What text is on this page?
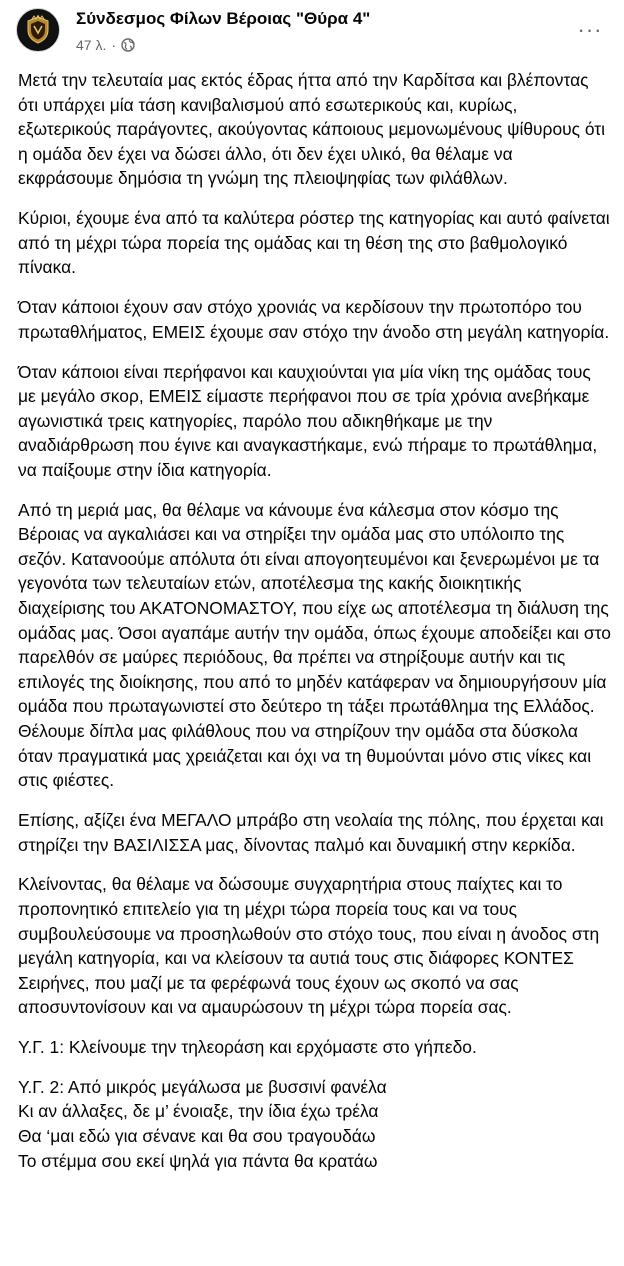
Σύνδεσμος Φίλων Βέροιας "Θύρα 4"
47 λ. ·
···

Μετά την τελευταία μας εκτός έδρας ήττα από την Καρδίτσα και βλέποντας ότι υπάρχει μία τάση κανιβαλισμού από εσωτερικούς και, κυρίως, εξωτερικούς παράγοντες, ακούγοντας κάποιους μεμονωμένους ψίθυρους ότι η ομάδα δεν έχει να δώσει άλλο, ότι δεν έχει υλικό, θα θέλαμε να εκφράσουμε δημόσια τη γνώμη της πλειοψηφίας των φιλάθλων.

Κύριοι, έχουμε ένα από τα καλύτερα ρόστερ της κατηγορίας και αυτό φαίνεται από τη μέχρι τώρα πορεία της ομάδας και τη θέση της στο βαθμολογικό πίνακα.

Όταν κάποιοι έχουν σαν στόχο χρονιάς να κερδίσουν την πρωτοπόρο του πρωταθλήματος, ΕΜΕΙΣ έχουμε σαν στόχο την άνοδο στη μεγάλη κατηγορία.

Όταν κάποιοι είναι περήφανοι και καυχιούνται για μία νίκη της ομάδας τους με μεγάλο σκορ, ΕΜΕΙΣ είμαστε περήφανοι που σε τρία χρόνια ανεβήκαμε αγωνιστικά τρεις κατηγορίες, παρόλο που αδικηθήκαμε με την αναδιάρθρωση που έγινε και αναγκαστήκαμε, ενώ πήραμε το πρωτάθλημα, να παίξουμε στην ίδια κατηγορία.

Από τη μεριά μας, θα θέλαμε να κάνουμε ένα κάλεσμα στον κόσμο της Βέροιας να αγκαλιάσει και να στηρίξει την ομάδα μας στο υπόλοιπο της σεζόν. Κατανοούμε απόλυτα ότι είναι απογοητευμένοι και ξενερωμένοι με τα γεγονότα των τελευταίων ετών, αποτέλεσμα της κακής διοικητικής διαχείρισης του ΑΚΑΤΟΝΟΜΑΣΤΟΥ, που είχε ως αποτέλεσμα τη διάλυση της ομάδας μας. Όσοι αγαπάμε αυτήν την ομάδα, όπως έχουμε αποδείξει και στο παρελθόν σε μαύρες περιόδους, θα πρέπει να στηρίξουμε αυτήν και τις επιλογές της διοίκησης, που από το μηδέν κατάφεραν να δημιουργήσουν μία ομάδα που πρωταγωνιστεί στο δεύτερο τη τάξει πρωτάθλημα της Ελλάδος. Θέλουμε δίπλα μας φιλάθλους που να στηρίζουν την ομάδα στα δύσκολα όταν πραγματικά μας χρειάζεται και όχι να τη θυμούνται μόνο στις νίκες και στις φιέστες.

Επίσης, αξίζει ένα ΜΕΓΑΛΟ μπράβο στη νεολαία της πόλης, που έρχεται και στηρίζει την ΒΑΣΙΛΙΣΣΑ μας, δίνοντας παλμό και δυναμική στην κερκίδα.

Κλείνοντας, θα θέλαμε να δώσουμε συγχαρητήρια στους παίχτες και το προπονητικό επιτελείο για τη μέχρι τώρα πορεία τους και να τους συμβουλεύσουμε να προσηλωθούν στο στόχο τους, που είναι η άνοδος στη μεγάλη κατηγορία, και να κλείσουν τα αυτιά τους στις διάφορες ΚΟΝΤΕΣ Σειρήνες, που μαζί με τα φερέφωνά τους έχουν ως σκοπό να σας αποσυντονίσουν και να αμαυρώσουν τη μέχρι τώρα πορεία σας.

Υ.Γ. 1: Κλείνουμε την τηλεοράση και ερχόμαστε στο γήπεδο.

Υ.Γ. 2: Από μικρός μεγάλωσα με βυσσινί φανέλα

Κι αν άλλαξες, δε μ’ ένοιαξε, την ίδια έχω τρέλα

Θα ‘μαι εδώ για σένανε και θα σου τραγουδάω

Το στέμμα σου εκεί ψηλά για πάντα θα κρατάω
